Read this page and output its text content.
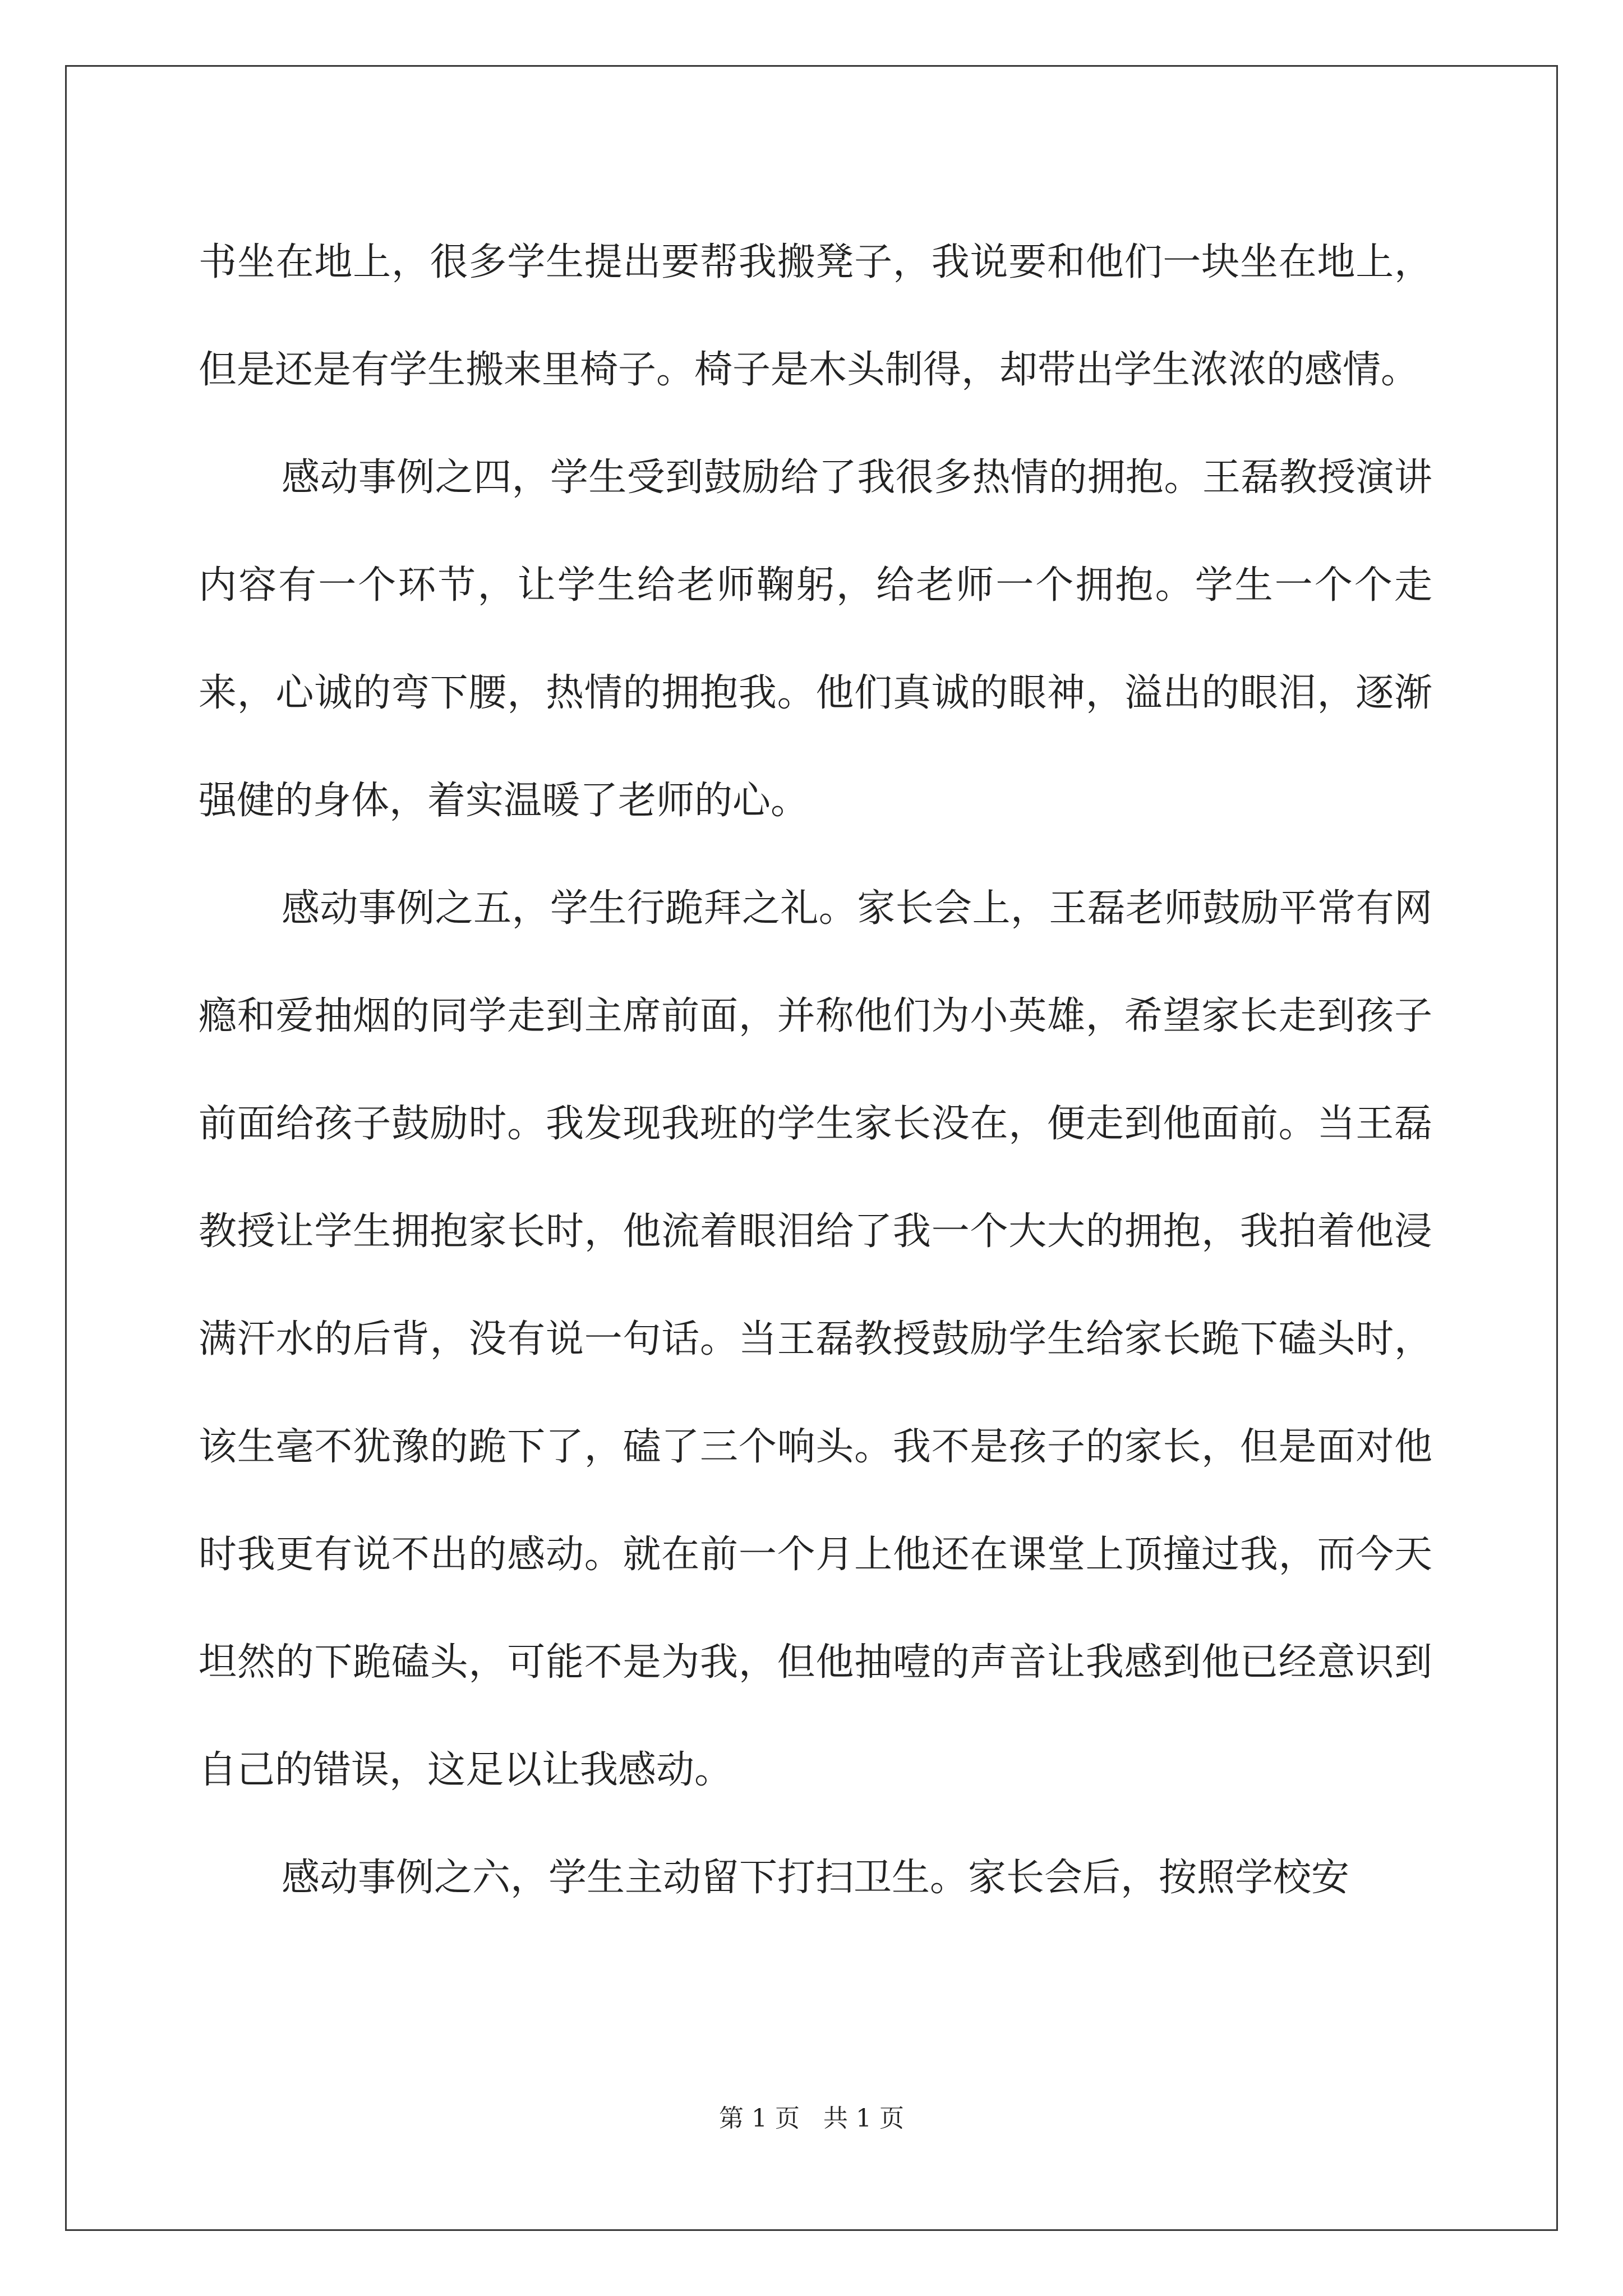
书坐在地上，很多学生提出要帮我搬凳子，我说要和他们一块坐在地上，但是还是有学生搬来里椅子。椅子是木头制得，却带出学生浓浓的感情。

感动事例之四，学生受到鼓励给了我很多热情的拥抱。王磊教授演讲内容有一个环节，让学生给老师鞠躬，给老师一个拥抱。学生一个个走来，心诚的弯下腰，热情的拥抱我。他们真诚的眼神，溢出的眼泪，逐渐强健的身体，着实温暖了老师的心。

感动事例之五，学生行跪拜之礼。家长会上，王磊老师鼓励平常有网瘾和爱抽烟的同学走到主席前面，并称他们为小英雄，希望家长走到孩子前面给孩子鼓励时。我发现我班的学生家长没在，便走到他面前。当王磊教授让学生拥抱家长时，他流着眼泪给了我一个大大的拥抱，我拍着他浸满汗水的后背，没有说一句话。当王磊教授鼓励学生给家长跪下磕头时，该生毫不犹豫的跪下了，磕了三个响头。我不是孩子的家长，但是面对他时我更有说不出的感动。就在前一个月上他还在课堂上顶撞过我，而今天坦然的下跪磕头，可能不是为我，但他抽噎的声音让我感到他已经意识到自己的错误，这足以让我感动。

感动事例之六，学生主动留下打扫卫生。家长会后，按照学校安

第 1 页   共 1 页
